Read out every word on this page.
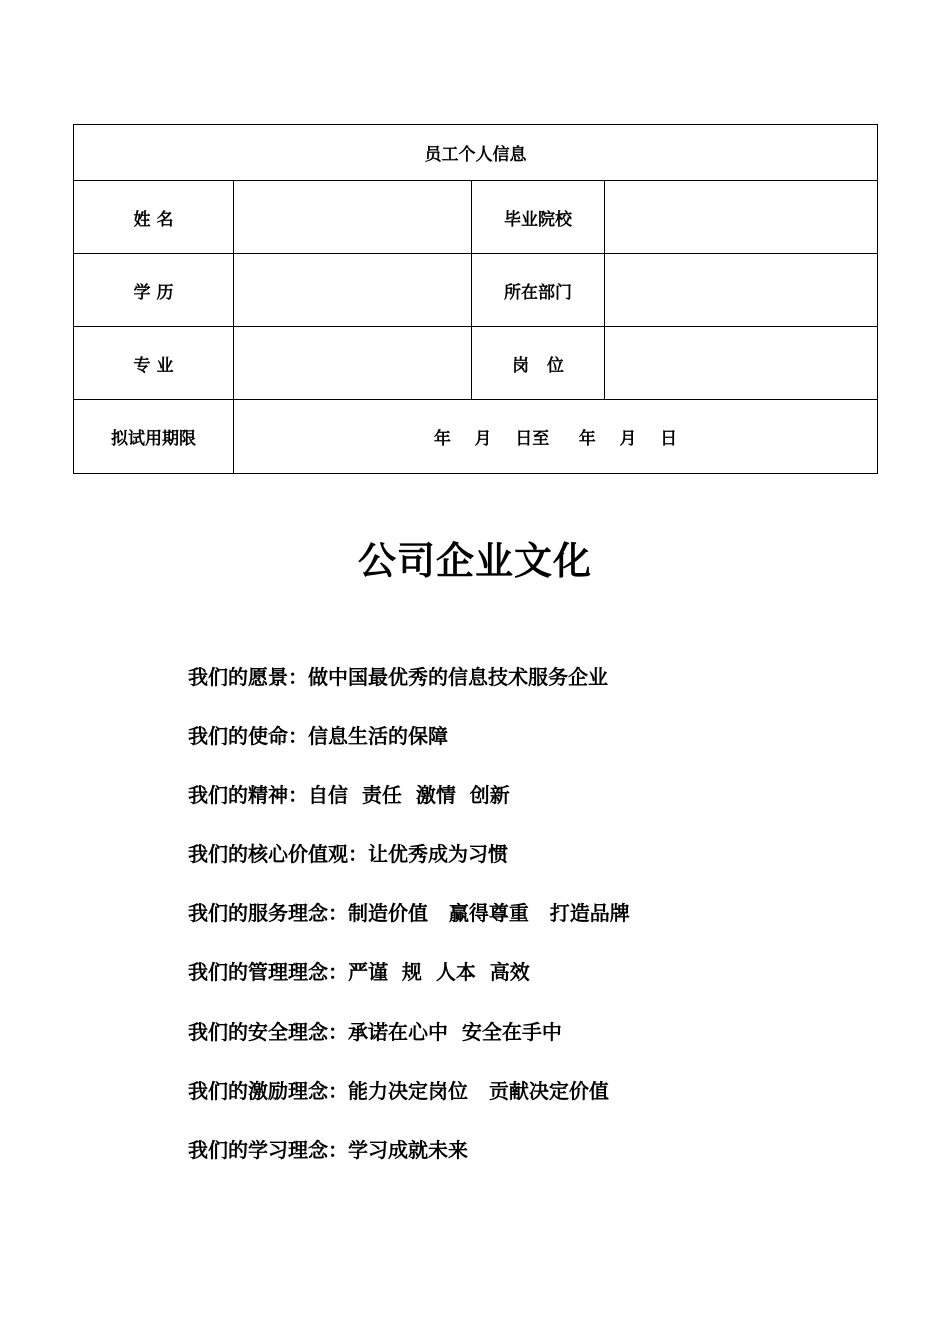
员工个人信息			
姓 名		毕业院校	
学 历		所在部门	
专 业		岗   位	
拟试用期限	年    月    日至     年    月    日		
公司企业文化
我们的愿景：做中国最优秀的信息技术服务企业
我们的使命：信息生活的保障
我们的精神：自信  责任  激情  创新
我们的核心价值观：让优秀成为习惯
我们的服务理念：制造价值   赢得尊重   打造品牌
我们的管理理念：严谨  规  人本  高效
我们的安全理念：承诺在心中  安全在手中
我们的激励理念：能力决定岗位   贡献决定价值
我们的学习理念：学习成就未来
